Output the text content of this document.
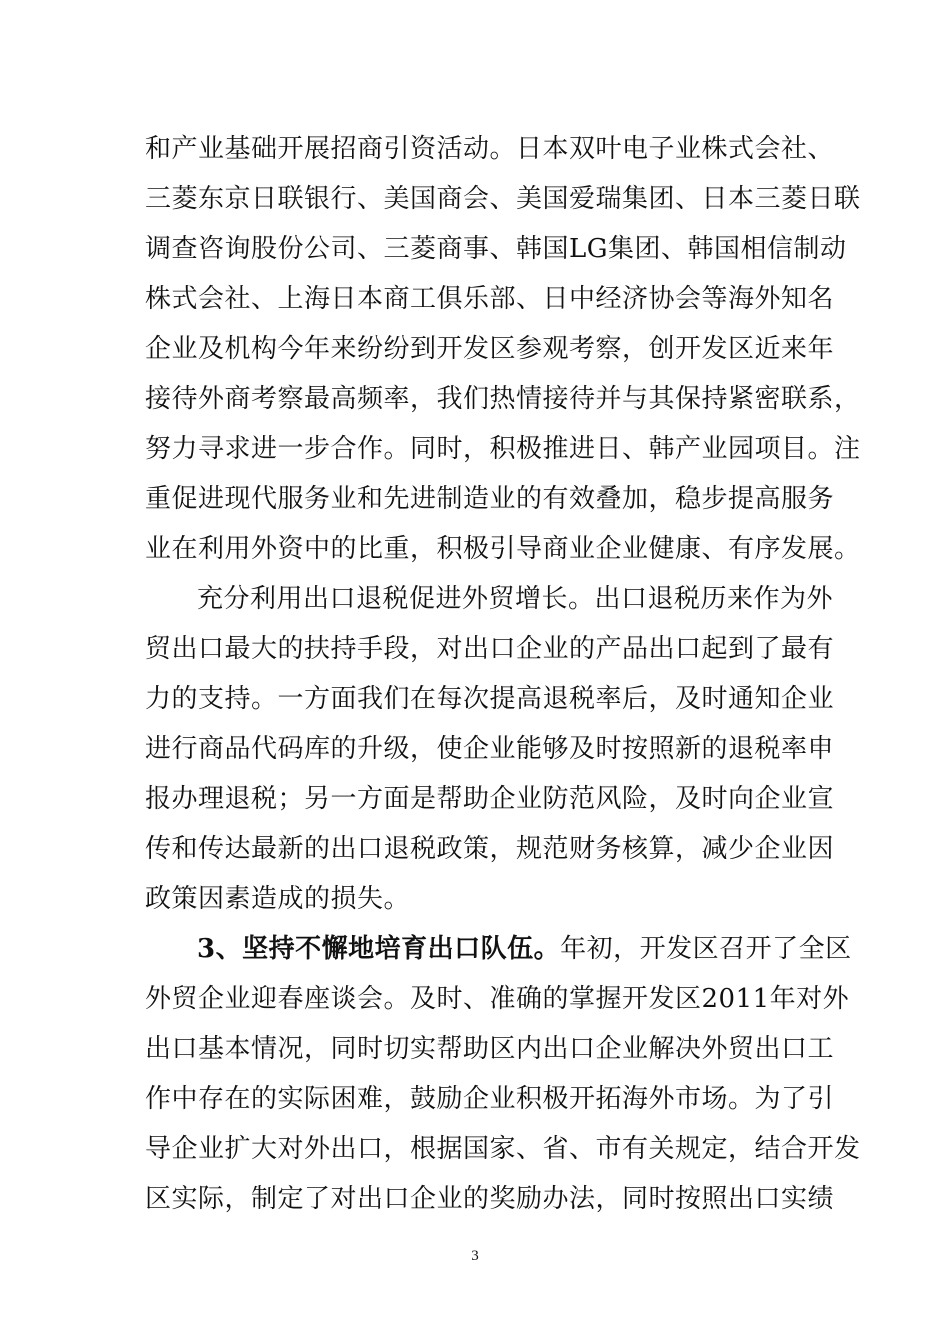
和产业基础开展招商引资活动。日本双叶电子业株式会社、
三菱东京日联银行、美国商会、美国爱瑞集团、日本三菱日联
调查咨询股份公司、三菱商事、韩国LG集团、韩国相信制动
株式会社、上海日本商工俱乐部、日中经济协会等海外知名
企业及机构今年来纷纷到开发区参观考察，创开发区近来年
接待外商考察最高频率，我们热情接待并与其保持紧密联系，
努力寻求进一步合作。同时，积极推进日、韩产业园项目。注
重促进现代服务业和先进制造业的有效叠加，稳步提高服务
业在利用外资中的比重，积极引导商业企业健康、有序发展。
充分利用出口退税促进外贸增长。出口退税历来作为外
贸出口最大的扶持手段，对出口企业的产品出口起到了最有
力的支持。一方面我们在每次提高退税率后，及时通知企业
进行商品代码库的升级，使企业能够及时按照新的退税率申
报办理退税；另一方面是帮助企业防范风险，及时向企业宣
传和传达最新的出口退税政策，规范财务核算，减少企业因
政策因素造成的损失。
3、坚持不懈地培育出口队伍。年初，开发区召开了全区
外贸企业迎春座谈会。及时、准确的掌握开发区2011年对外
出口基本情况，同时切实帮助区内出口企业解决外贸出口工
作中存在的实际困难，鼓励企业积极开拓海外市场。为了引
导企业扩大对外出口，根据国家、省、市有关规定，结合开发
区实际，制定了对出口企业的奖励办法，同时按照出口实绩
3
